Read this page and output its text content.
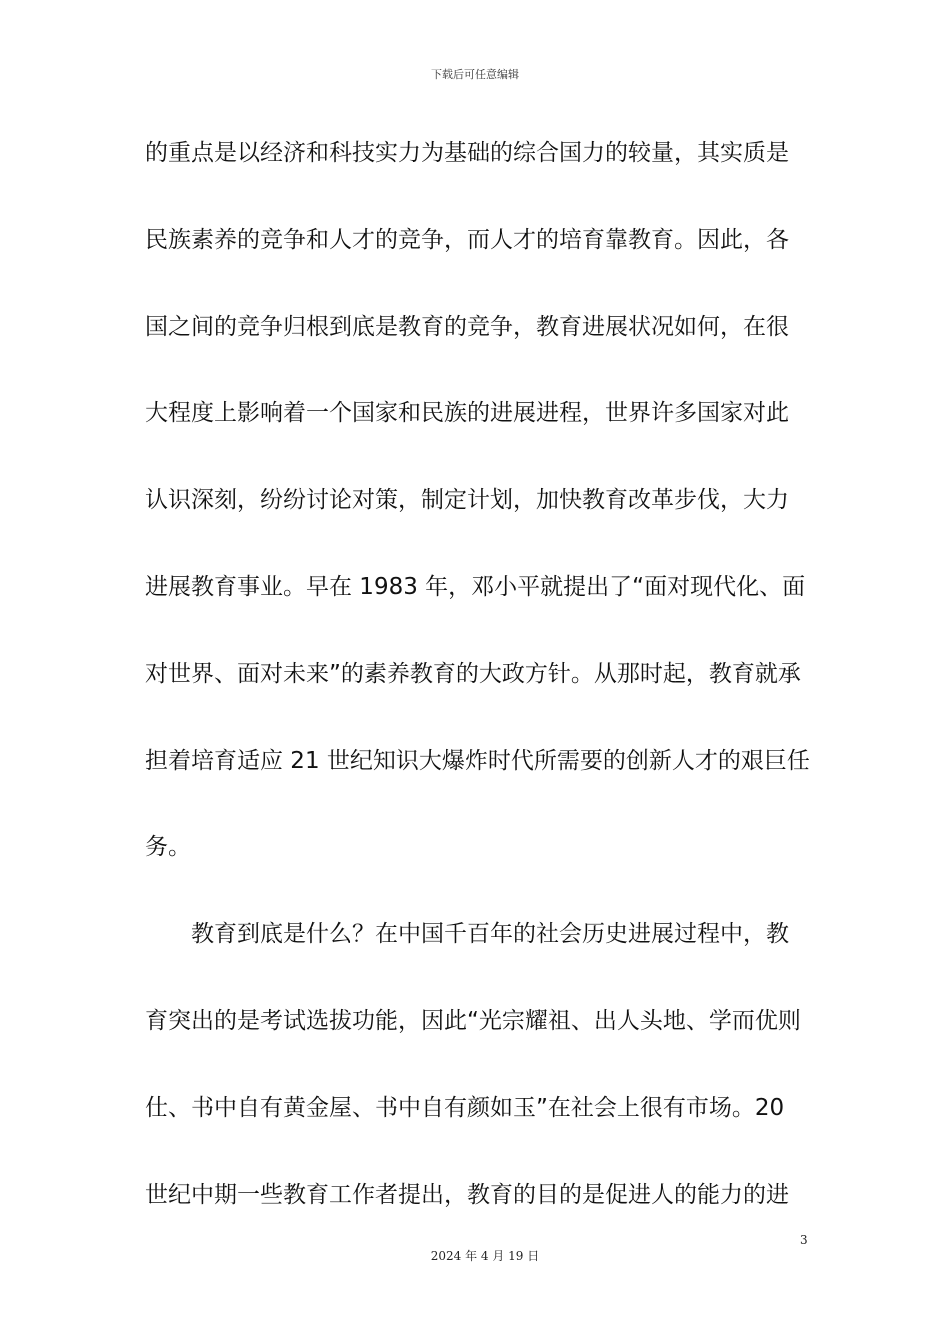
下载后可任意编辑
的重点是以经济和科技实力为基础的综合国力的较量，其实质是
民族素养的竞争和人才的竞争，而人才的培育靠教育。因此，各
国之间的竞争归根到底是教育的竞争，教育进展状况如何，在很
大程度上影响着一个国家和民族的进展进程，世界许多国家对此
认识深刻，纷纷讨论对策，制定计划，加快教育改革步伐，大力
进展教育事业。早在 1983 年，邓小平就提出了“面对现代化、面
对世界、面对未来”的素养教育的大政方针。从那时起，教育就承
担着培育适应 21 世纪知识大爆炸时代所需要的创新人才的艰巨任
务。
教育到底是什么？在中国千百年的社会历史进展过程中，教
育突出的是考试选拔功能，因此“光宗耀祖、出人头地、学而优则
仕、书中自有黄金屋、书中自有颜如玉”在社会上很有市场。20
世纪中期一些教育工作者提出，教育的目的是促进人的能力的进
3
2024 年 4 月 19 日
